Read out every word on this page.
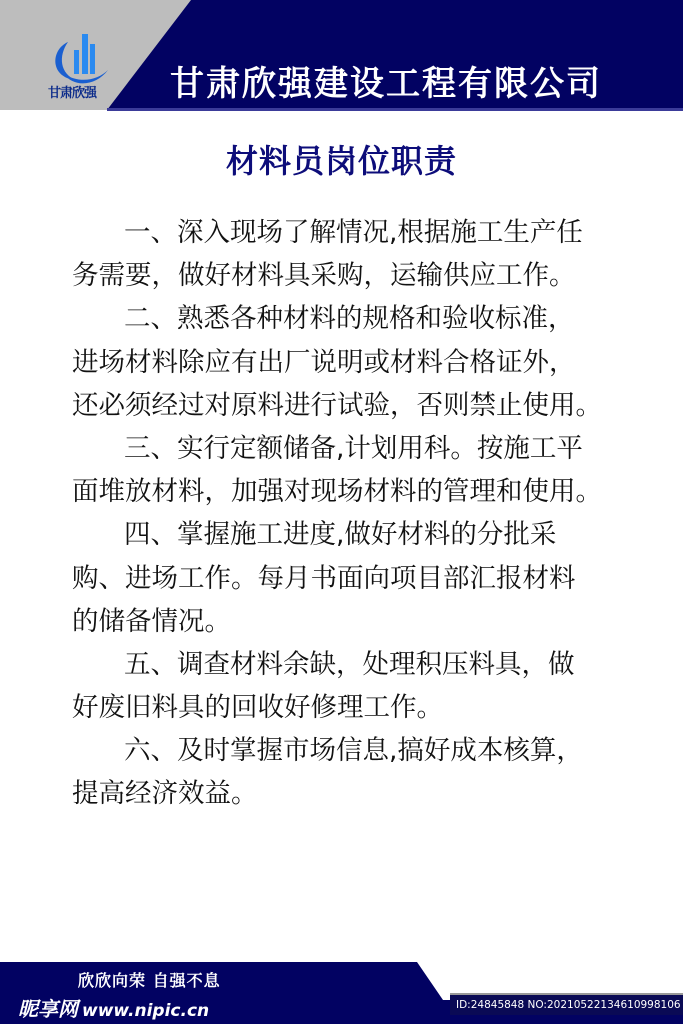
甘肃欣强 甘肃欣强建设工程有限公司
材料员岗位职责
一、深入现场了解情况,根据施工生产任
务需要，做好材料具采购，运输供应工作。
二、熟悉各种材料的规格和验收标准，
进场材料除应有出厂说明或材料合格证外，
还必须经过对原料进行试验，否则禁止使用。
三、实行定额储备,计划用科。按施工平
面堆放材料，加强对现场材料的管理和使用。
四、掌握施工进度,做好材料的分批采
购、进场工作。每月书面向项目部汇报材料
的储备情况。
五、调查材料余缺，处理积压料具，做
好废旧料具的回收好修理工作。
六、及时掌握市场信息,搞好成本核算，
提高经济效益。
欣欣向荣 自强不息
昵享网 www.nipic.cn	ID:24845848 NO:20210522134610998106
